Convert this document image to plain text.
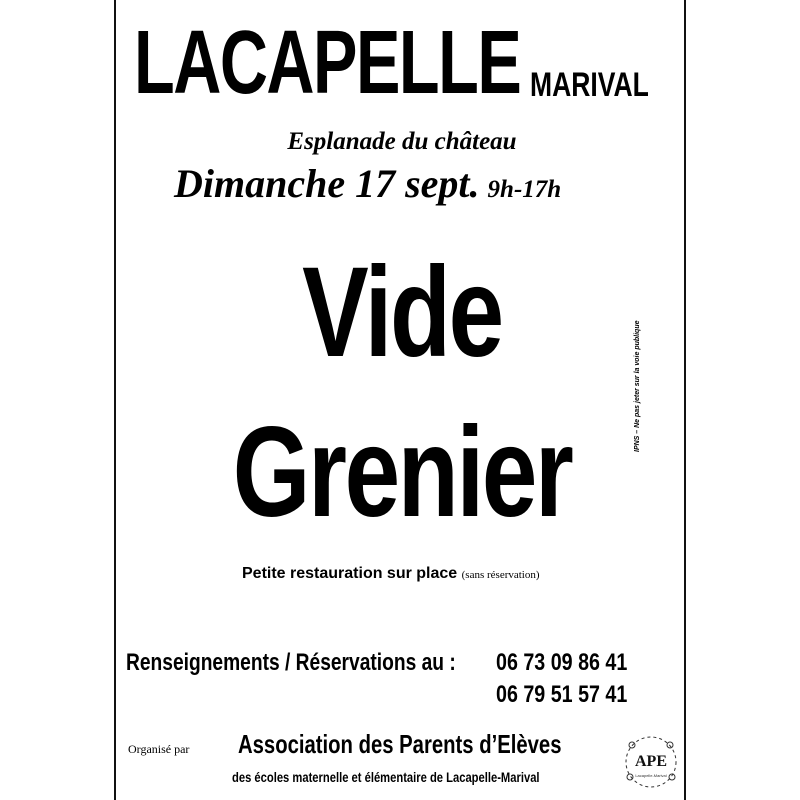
LACAPELLE MARIVAL
Esplanade du château
Dimanche 17 sept. 9h-17h
Vide
Grenier
IPNS – Ne pas jeter sur la voie publique
Petite restauration sur place (sans réservation)
Renseignements / Réservations au : 06 73 09 86 41
06 79 51 57 41
Organisé par Association des Parents d’Elèves
des écoles maternelle et élémentaire de Lacapelle-Marival
APE
Lacapelle-Marival
